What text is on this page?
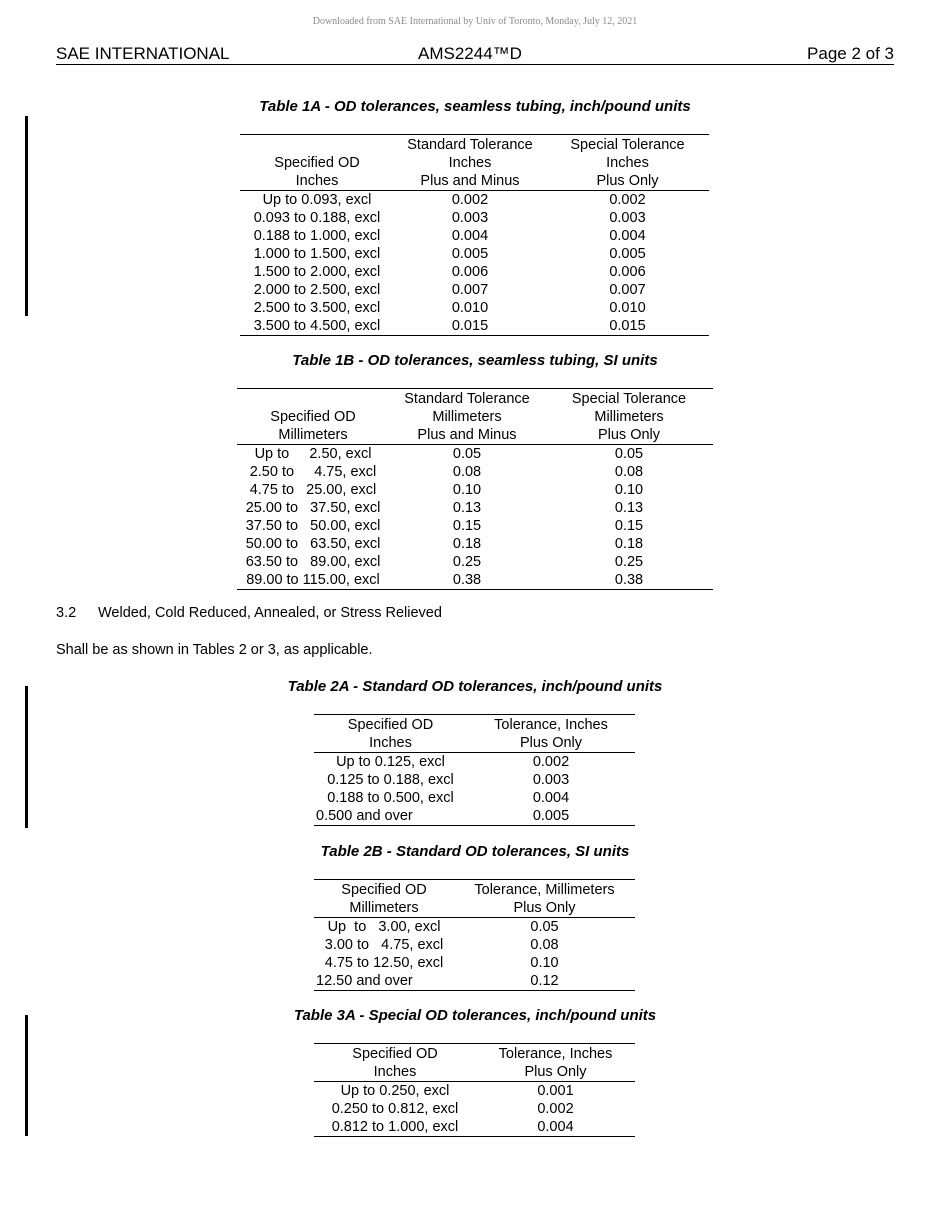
Downloaded from SAE International by Univ of Toronto, Monday, July 12, 2021
SAE INTERNATIONAL	AMS2244™D	Page 2 of 3
Table 1A - OD tolerances, seamless tubing, inch/pound units
	Standard Tolerance	Special Tolerance
Specified OD	Inches	Inches
Inches	Plus and Minus	Plus Only
Up to 0.093, excl	0.002	0.002
0.093 to 0.188, excl	0.003	0.003
0.188 to 1.000, excl	0.004	0.004
1.000 to 1.500, excl	0.005	0.005
1.500 to 2.000, excl	0.006	0.006
2.000 to 2.500, excl	0.007	0.007
2.500 to 3.500, excl	0.010	0.010
3.500 to 4.500, excl	0.015	0.015
Table 1B - OD tolerances, seamless tubing, SI units
	Standard Tolerance	Special Tolerance
Specified OD	Millimeters	Millimeters
Millimeters	Plus and Minus	Plus Only
Up to     2.50, excl	0.05	0.05
2.50 to     4.75, excl	0.08	0.08
4.75 to   25.00, excl	0.10	0.10
25.00 to   37.50, excl	0.13	0.13
37.50 to   50.00, excl	0.15	0.15
50.00 to   63.50, excl	0.18	0.18
63.50 to   89.00, excl	0.25	0.25
89.00 to 115.00, excl	0.38	0.38
3.2 Welded, Cold Reduced, Annealed, or Stress Relieved
Shall be as shown in Tables 2 or 3, as applicable.
Table 2A - Standard OD tolerances, inch/pound units
Specified OD	Tolerance, Inches
Inches	Plus Only
Up to 0.125, excl	0.002
0.125 to 0.188, excl	0.003
0.188 to 0.500, excl	0.004
0.500 and over	0.005
Table 2B - Standard OD tolerances, SI units
Specified OD	Tolerance, Millimeters
Millimeters	Plus Only
Up  to   3.00, excl	0.05
3.00 to   4.75, excl	0.08
4.75 to 12.50, excl	0.10
12.50 and over	0.12
Table 3A - Special OD tolerances, inch/pound units
Specified OD	Tolerance, Inches
Inches	Plus Only
Up to 0.250, excl	0.001
0.250 to 0.812, excl	0.002
0.812 to 1.000, excl	0.004
